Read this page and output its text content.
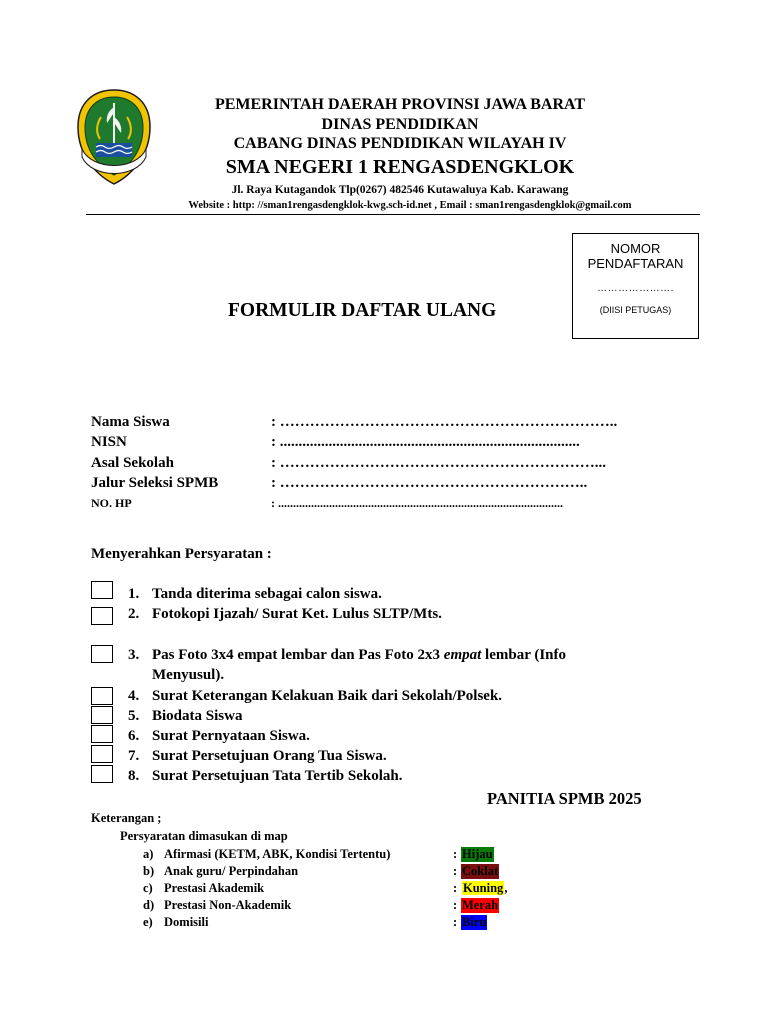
PEMERINTAH DAERAH PROVINSI JAWA BARAT
DINAS PENDIDIKAN
CABANG DINAS PENDIDIKAN WILAYAH IV
SMA NEGERI 1 RENGASDENGKLOK
Jl. Raya Kutagandok Tlp(0267) 482546 Kutawaluya Kab. Karawang
Website : http: //sman1rengasdengklok-kwg.sch-id.net , Email : sman1rengasdengklok@gmail.com
NOMOR
PENDAFTARAN
………………….
(DIISI PETUGAS)
FORMULIR DAFTAR ULANG
Nama Siswa	: …………………………………………………………..
NISN	: ................................................................................
Asal Sekolah	: ………………………………………………………...
Jalur Seleksi SPMB	: ……………………………………………………..
NO. HP	: ...............................................................................................
Menyerahkan Persyaratan :
1. Tanda diterima sebagai calon siswa.
2. Fotokopi Ijazah/ Surat Ket. Lulus SLTP/Mts.
3. Pas Foto 3x4 empat lembar dan Pas Foto 2x3 empat lembar (Info
Menyusul).
4. Surat Keterangan Kelakuan Baik dari Sekolah/Polsek.
5. Biodata Siswa
6. Surat Pernyataan Siswa.
7. Surat Persetujuan Orang Tua Siswa.
8. Surat Persetujuan Tata Tertib Sekolah.
PANITIA SPMB 2025
Keterangan ;
Persyaratan dimasukan di map
a) Afirmasi (KETM, ABK, Kondisi Tertentu)	: Hijau
b) Anak guru/ Perpindahan	: Coklat
c) Prestasi Akademik	: Kuning,
d) Prestasi Non-Akademik	: Merah
e) Domisili	: Biru
